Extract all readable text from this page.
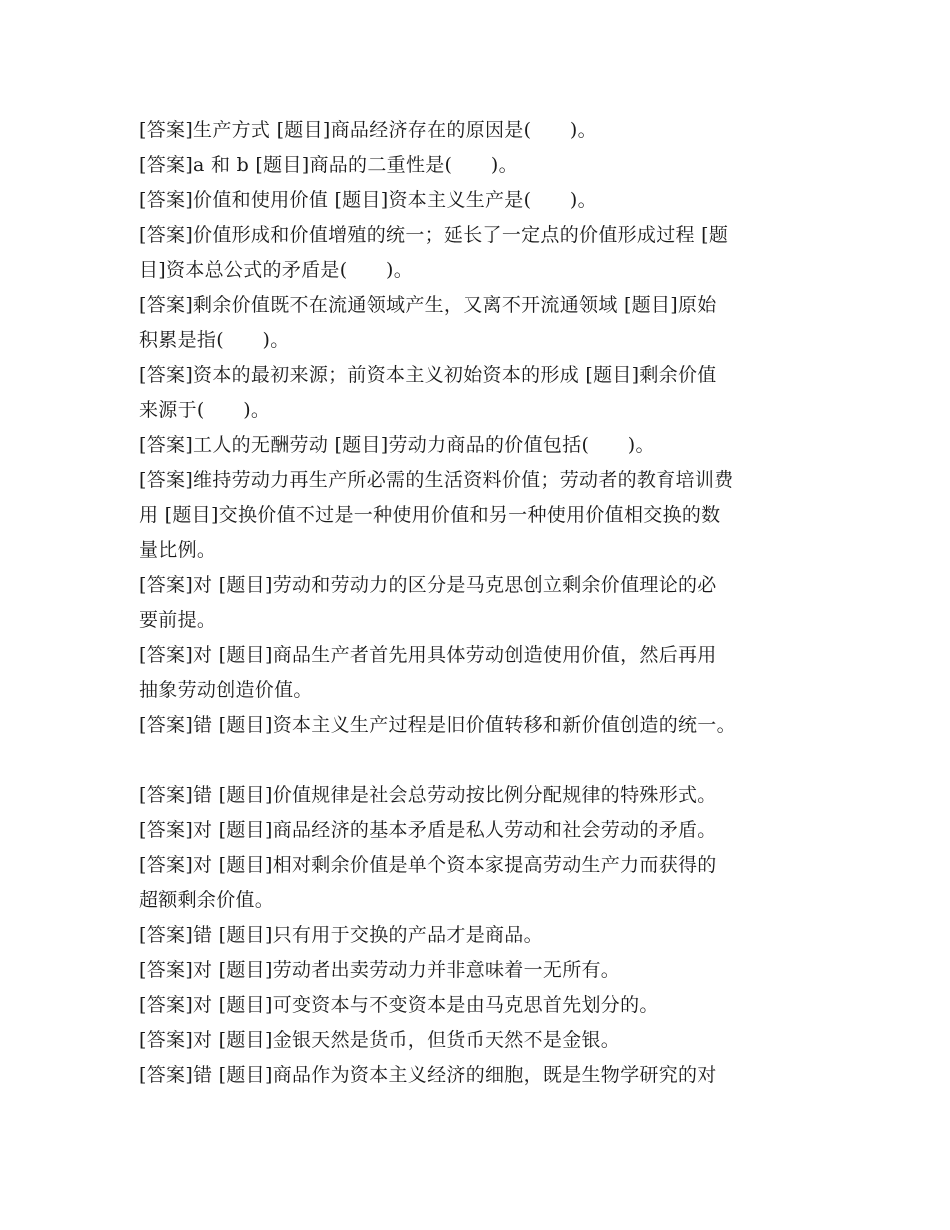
[答案]生产方式 [题目]商品经济存在的原因是(　　)。
[答案]a 和 b [题目]商品的二重性是(　　)。
[答案]价值和使用价值 [题目]资本主义生产是(　　)。
[答案]价值形成和价值增殖的统一；延长了一定点的价值形成过程 [题
目]资本总公式的矛盾是(　　)。
[答案]剩余价值既不在流通领域产生，又离不开流通领域 [题目]原始
积累是指(　　)。
[答案]资本的最初来源；前资本主义初始资本的形成 [题目]剩余价值
来源于(　　)。
[答案]工人的无酬劳动 [题目]劳动力商品的价值包括(　　)。
[答案]维持劳动力再生产所必需的生活资料价值；劳动者的教育培训费
用 [题目]交换价值不过是一种使用价值和另一种使用价值相交换的数
量比例。
[答案]对 [题目]劳动和劳动力的区分是马克思创立剩余价值理论的必
要前提。
[答案]对 [题目]商品生产者首先用具体劳动创造使用价值，然后再用
抽象劳动创造价值。
[答案]错 [题目]资本主义生产过程是旧价值转移和新价值创造的统一。
[答案]错 [题目]价值规律是社会总劳动按比例分配规律的特殊形式。
[答案]对 [题目]商品经济的基本矛盾是私人劳动和社会劳动的矛盾。
[答案]对 [题目]相对剩余价值是单个资本家提高劳动生产力而获得的
超额剩余价值。
[答案]错 [题目]只有用于交换的产品才是商品。
[答案]对 [题目]劳动者出卖劳动力并非意味着一无所有。
[答案]对 [题目]可变资本与不变资本是由马克思首先划分的。
[答案]对 [题目]金银天然是货币，但货币天然不是金银。
[答案]错 [题目]商品作为资本主义经济的细胞，既是生物学研究的对
